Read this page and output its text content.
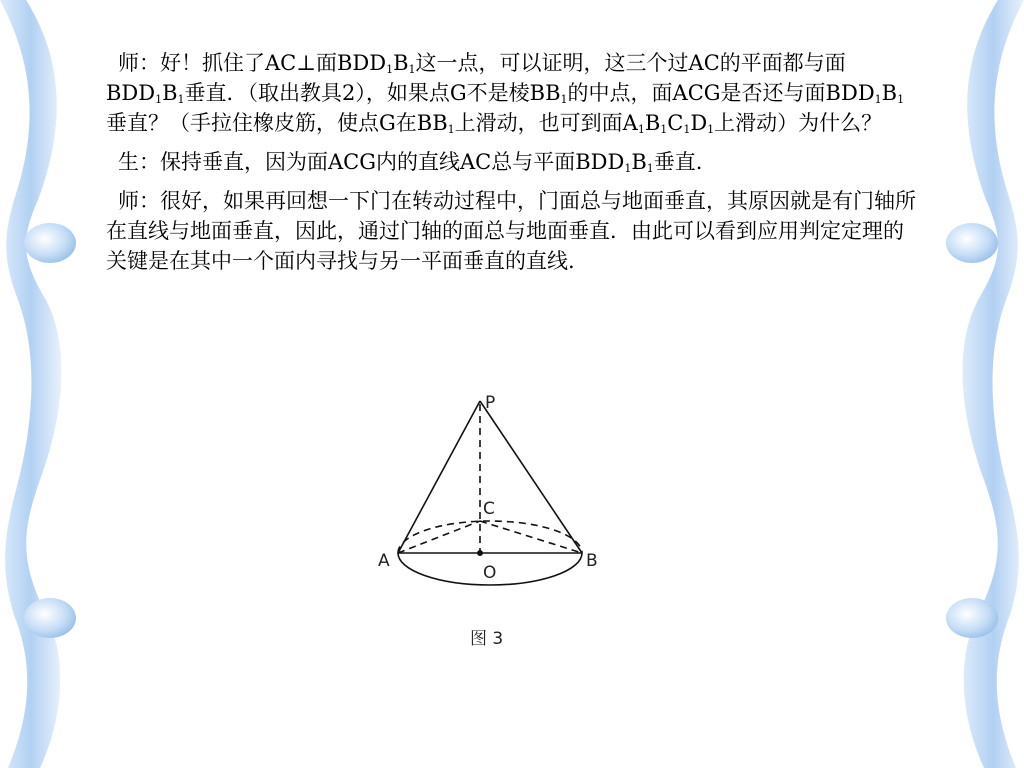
师：好！抓住了AC⊥面$BDD_1B_1$这一点，可以证明，这三个过AC的平面都与面$BDD_1B_1$垂直．（取出教具2），如果点G不是棱$BB_1$的中点，面ACG是否还与面$BDD_1B_1$垂直？（手拉住橡皮筋，使点G在$BB_1$上滑动，也可到面$A_1B_1C_1D_1$上滑动）为什么？

生：保持垂直，因为面ACG内的直线AC总与平面$BDD_1B_1$垂直.

师：很好，如果再回想一下门在转动过程中，门面总与地面垂直，其原因就是有门轴所在直线与地面垂直，因此，通过门轴的面总与地面垂直．由此可以看到应用判定定理的关键是在其中一个面内寻找与另一平面垂直的直线.

P
C
A
O
B
图 3
